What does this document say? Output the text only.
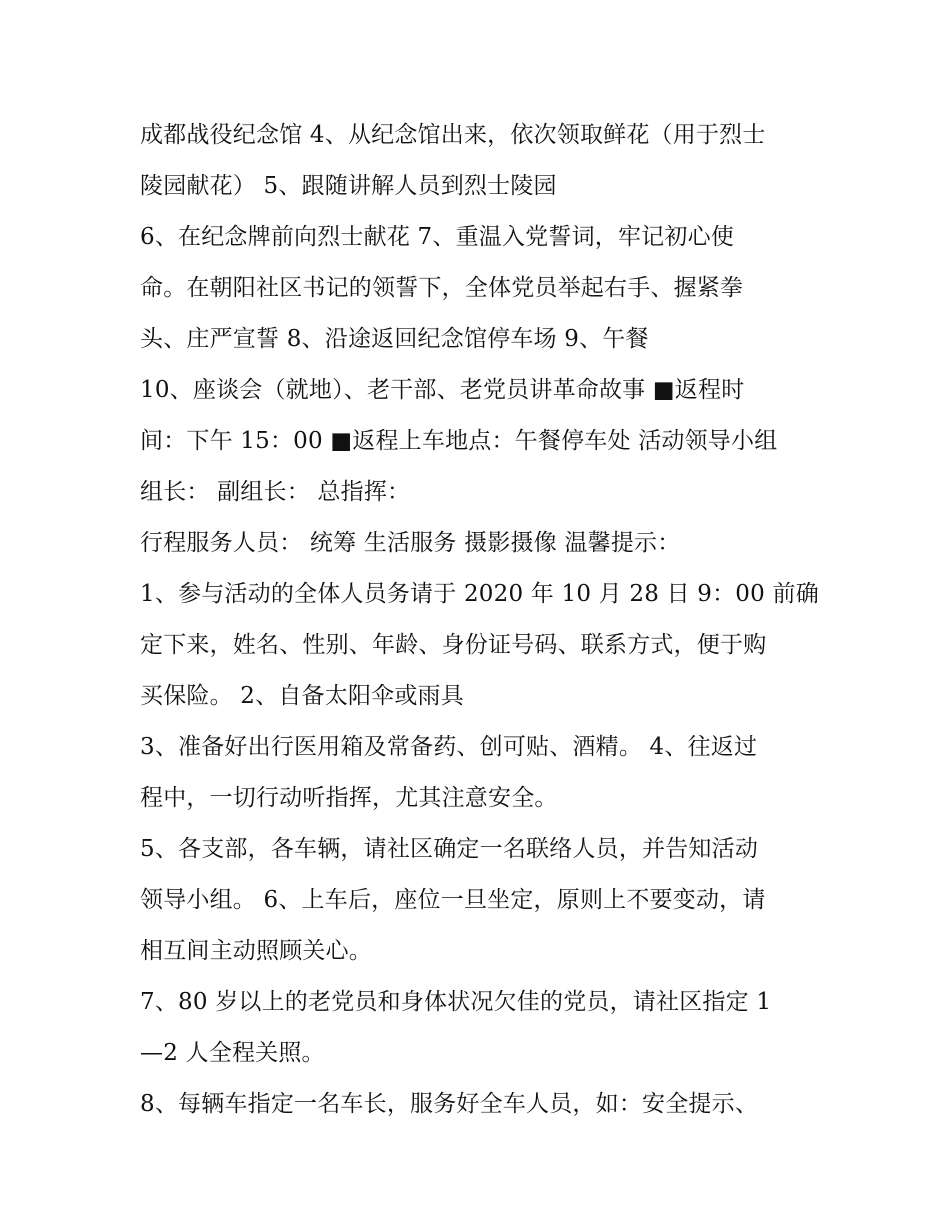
成都战役纪念馆 4、从纪念馆出来，依次领取鲜花（用于烈士
陵园献花） 5、跟随讲解人员到烈士陵园
6、在纪念牌前向烈士献花 7、重温入党誓词，牢记初心使
命。在朝阳社区书记的领誓下，全体党员举起右手、握紧拳
头、庄严宣誓 8、沿途返回纪念馆停车场 9、午餐
10、座谈会（就地）、老干部、老党员讲革命故事 ■返程时
间：下午 15：00 ■返程上车地点：午餐停车处 活动领导小组
组长： 副组长： 总指挥：
行程服务人员： 统筹 生活服务 摄影摄像 温馨提示：
1、参与活动的全体人员务请于 2020 年 10 月 28 日 9：00 前确
定下来，姓名、性别、年龄、身份证号码、联系方式，便于购
买保险。 2、自备太阳伞或雨具
3、准备好出行医用箱及常备药、创可贴、酒精。 4、往返过
程中，一切行动听指挥，尤其注意安全。
5、各支部，各车辆，请社区确定一名联络人员，并告知活动
领导小组。 6、上车后，座位一旦坐定，原则上不要变动，请
相互间主动照顾关心。
7、80 岁以上的老党员和身体状况欠佳的党员，请社区指定 1
—2 人全程关照。
8、每辆车指定一名车长，服务好全车人员，如：安全提示、
